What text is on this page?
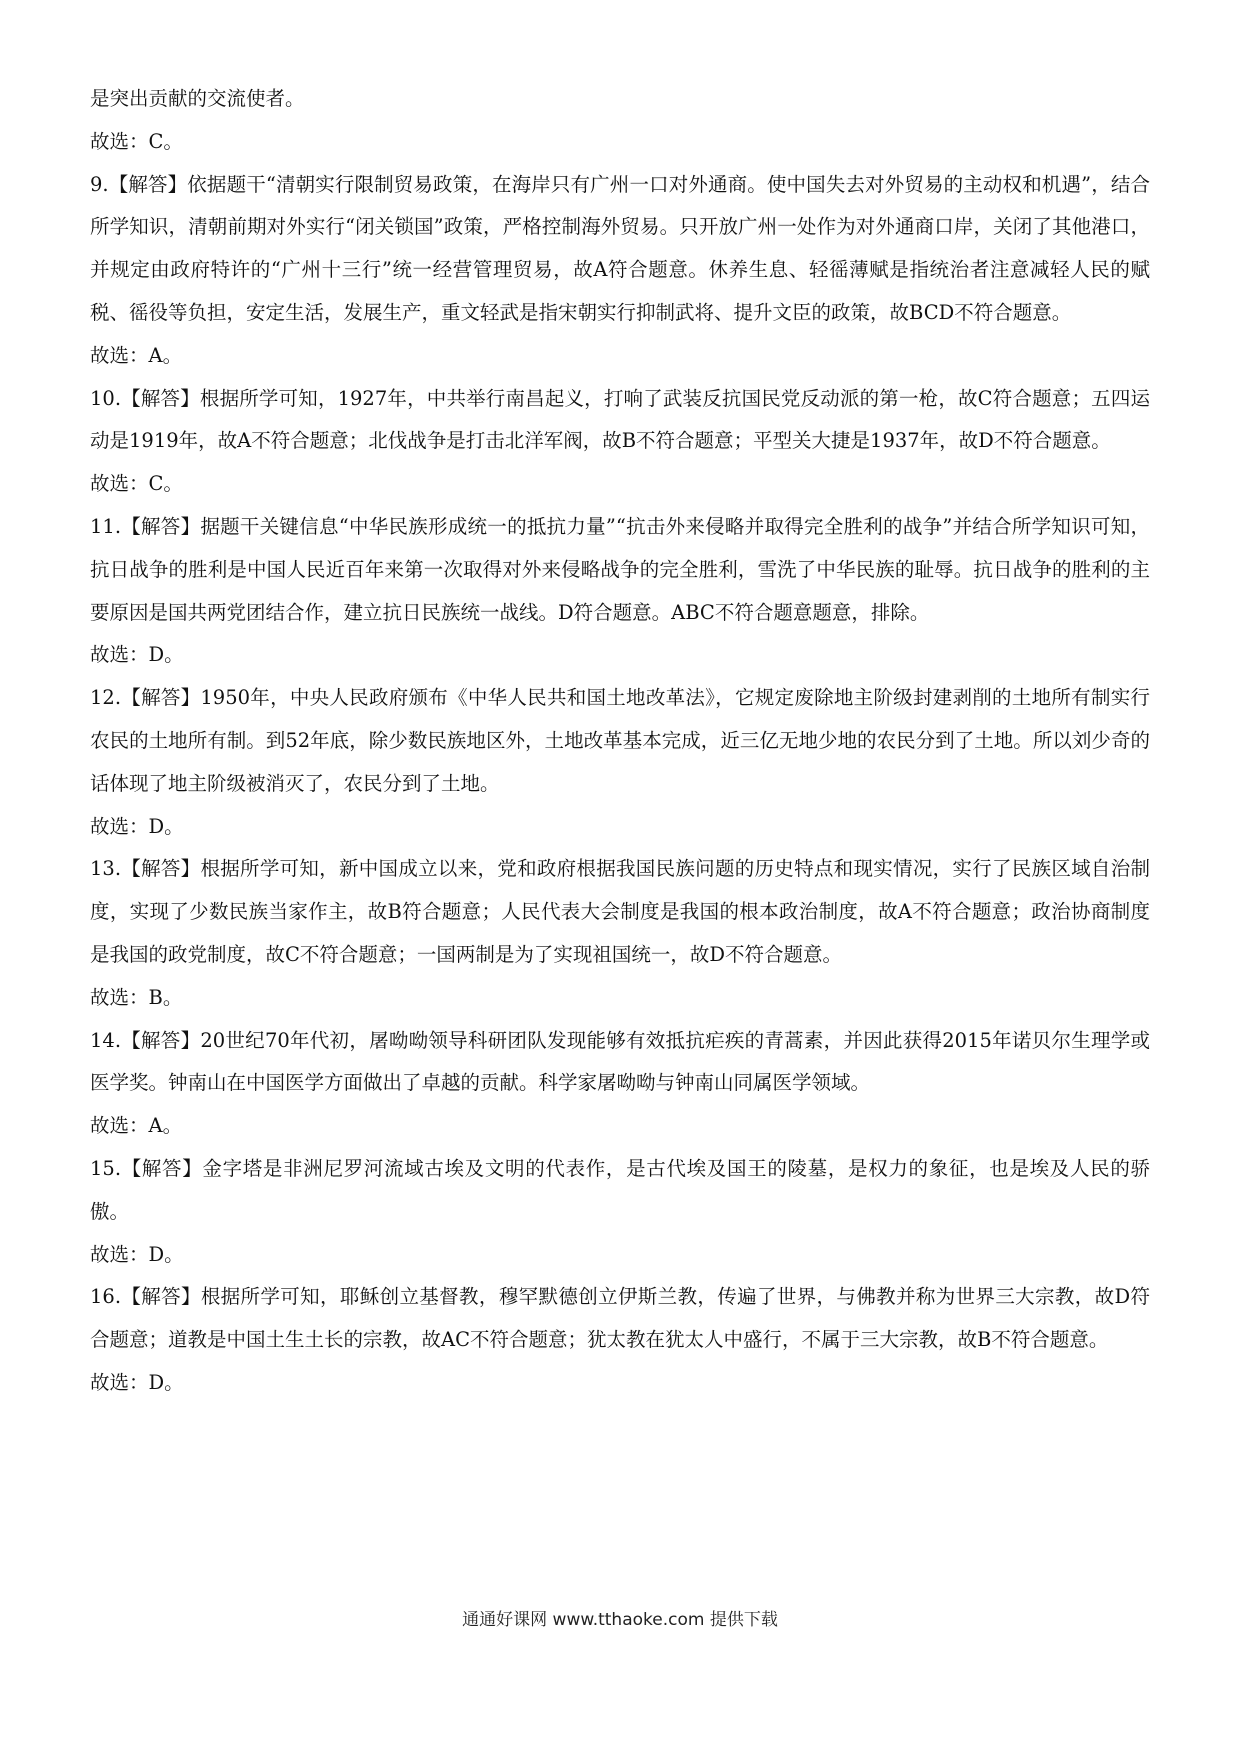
是突出贡献的交流使者。

故选：C。

9.【解答】依据题干“清朝实行限制贸易政策，在海岸只有广州一口对外通商。使中国失去对外贸易的主动权和机遇”，结合所学知识，清朝前期对外实行“闭关锁国”政策，严格控制海外贸易。只开放广州一处作为对外通商口岸，关闭了其他港口，并规定由政府特许的“广州十三行”统一经营管理贸易，故A符合题意。休养生息、轻徭薄赋是指统治者注意减轻人民的赋税、徭役等负担，安定生活，发展生产，重文轻武是指宋朝实行抑制武将、提升文臣的政策，故BCD不符合题意。

故选：A。

10.【解答】根据所学可知，1927年，中共举行南昌起义，打响了武装反抗国民党反动派的第一枪，故C符合题意；五四运动是1919年，故A不符合题意；北伐战争是打击北洋军阀，故B不符合题意；平型关大捷是1937年，故D不符合题意。

故选：C。

11.【解答】据题干关键信息“中华民族形成统一的抵抗力量”“抗击外来侵略并取得完全胜利的战争”并结合所学知识可知，抗日战争的胜利是中国人民近百年来第一次取得对外来侵略战争的完全胜利，雪洗了中华民族的耻辱。抗日战争的胜利的主要原因是国共两党团结合作，建立抗日民族统一战线。D符合题意。ABC不符合题意题意，排除。

故选：D。

12.【解答】1950年，中央人民政府颁布《中华人民共和国土地改革法》，它规定废除地主阶级封建剥削的土地所有制实行农民的土地所有制。到52年底，除少数民族地区外，土地改革基本完成，近三亿无地少地的农民分到了土地。所以刘少奇的话体现了地主阶级被消灭了，农民分到了土地。

故选：D。

13.【解答】根据所学可知，新中国成立以来，党和政府根据我国民族问题的历史特点和现实情况，实行了民族区域自治制度，实现了少数民族当家作主，故B符合题意；人民代表大会制度是我国的根本政治制度，故A不符合题意；政治协商制度是我国的政党制度，故C不符合题意；一国两制是为了实现祖国统一，故D不符合题意。

故选：B。

14.【解答】20世纪70年代初，屠呦呦领导科研团队发现能够有效抵抗疟疾的青蒿素，并因此获得2015年诺贝尔生理学或医学奖。钟南山在中国医学方面做出了卓越的贡献。科学家屠呦呦与钟南山同属医学领域。

故选：A。

15.【解答】金字塔是非洲尼罗河流域古埃及文明的代表作，是古代埃及国王的陵墓，是权力的象征，也是埃及人民的骄傲。

故选：D。

16.【解答】根据所学可知，耶稣创立基督教，穆罕默德创立伊斯兰教，传遍了世界，与佛教并称为世界三大宗教，故D符合题意；道教是中国土生土长的宗教，故AC不符合题意；犹太教在犹太人中盛行，不属于三大宗教，故B不符合题意。

故选：D。

通通好课网 www.tthaoke.com 提供下载
